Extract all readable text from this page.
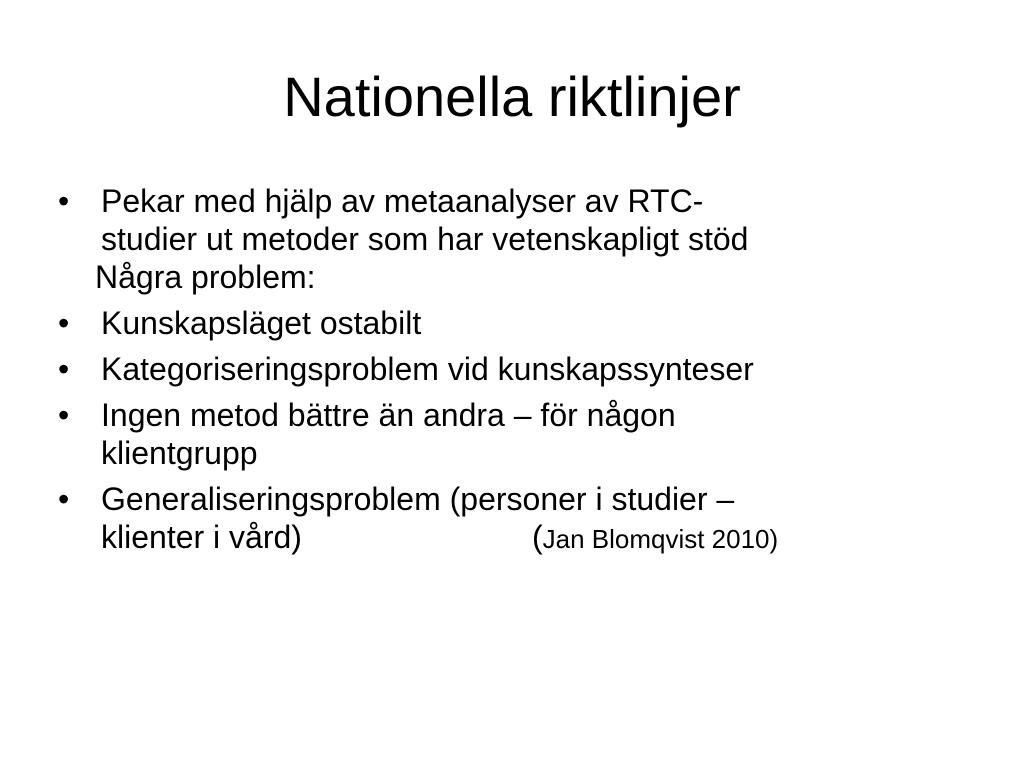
Nationella riktlinjer

• Pekar med hjälp av metaanalyser av RTC-
studier ut metoder som har vetenskapligt stöd

Några problem:

• Kunskapsläget ostabilt

• Kategoriseringsproblem vid kunskapssynteser

• Ingen metod bättre än andra – för någon
klientgrupp

• Generaliseringsproblem (personer i studier –
klienter i vård)	(Jan Blomqvist 2010)
